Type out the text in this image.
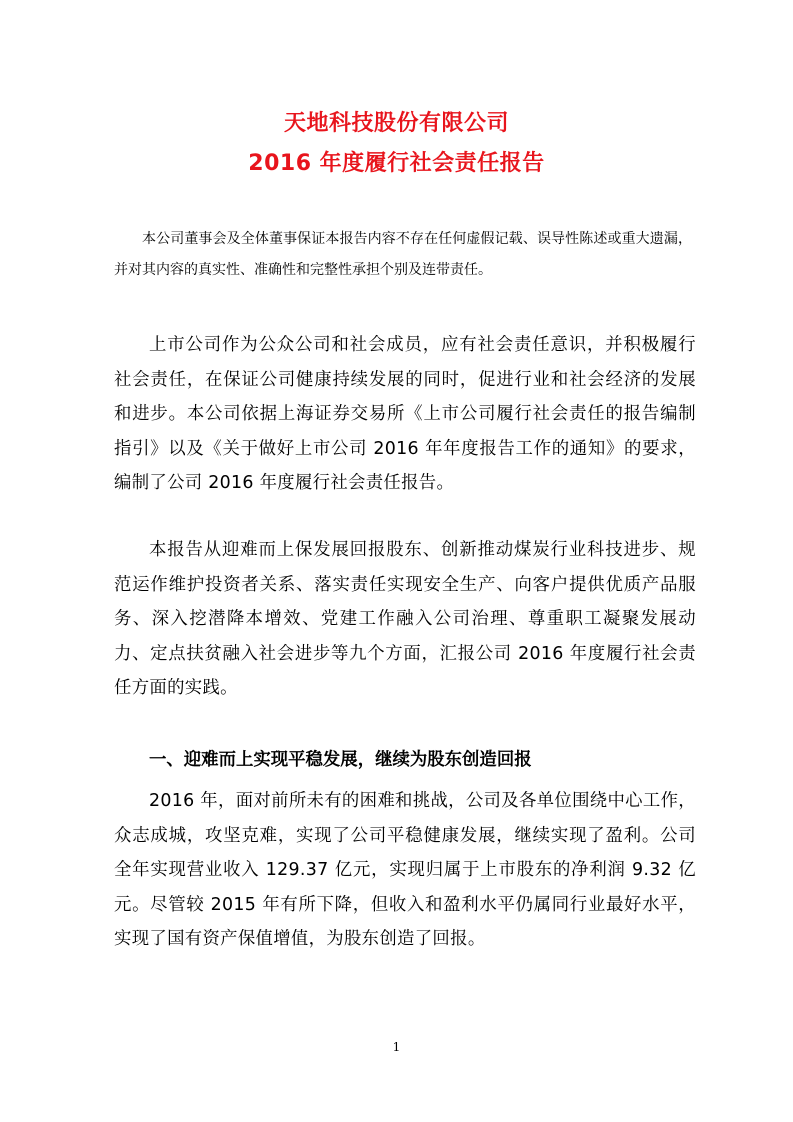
天地科技股份有限公司
2016 年度履行社会责任报告

本公司董事会及全体董事保证本报告内容不存在任何虚假记载、误导性陈述或重大遗漏，并对其内容的真实性、准确性和完整性承担个别及连带责任。

上市公司作为公众公司和社会成员，应有社会责任意识，并积极履行社会责任，在保证公司健康持续发展的同时，促进行业和社会经济的发展和进步。本公司依据上海证券交易所《上市公司履行社会责任的报告编制指引》以及《关于做好上市公司 2016 年年度报告工作的通知》的要求，编制了公司 2016 年度履行社会责任报告。

本报告从迎难而上保发展回报股东、创新推动煤炭行业科技进步、规范运作维护投资者关系、落实责任实现安全生产、向客户提供优质产品服务、深入挖潜降本增效、党建工作融入公司治理、尊重职工凝聚发展动力、定点扶贫融入社会进步等九个方面，汇报公司 2016 年度履行社会责任方面的实践。

一、迎难而上实现平稳发展，继续为股东创造回报

2016 年，面对前所未有的困难和挑战，公司及各单位围绕中心工作，众志成城，攻坚克难，实现了公司平稳健康发展，继续实现了盈利。公司全年实现营业收入 129.37 亿元，实现归属于上市股东的净利润 9.32 亿元。尽管较 2015 年有所下降，但收入和盈利水平仍属同行业最好水平，实现了国有资产保值增值，为股东创造了回报。

1
